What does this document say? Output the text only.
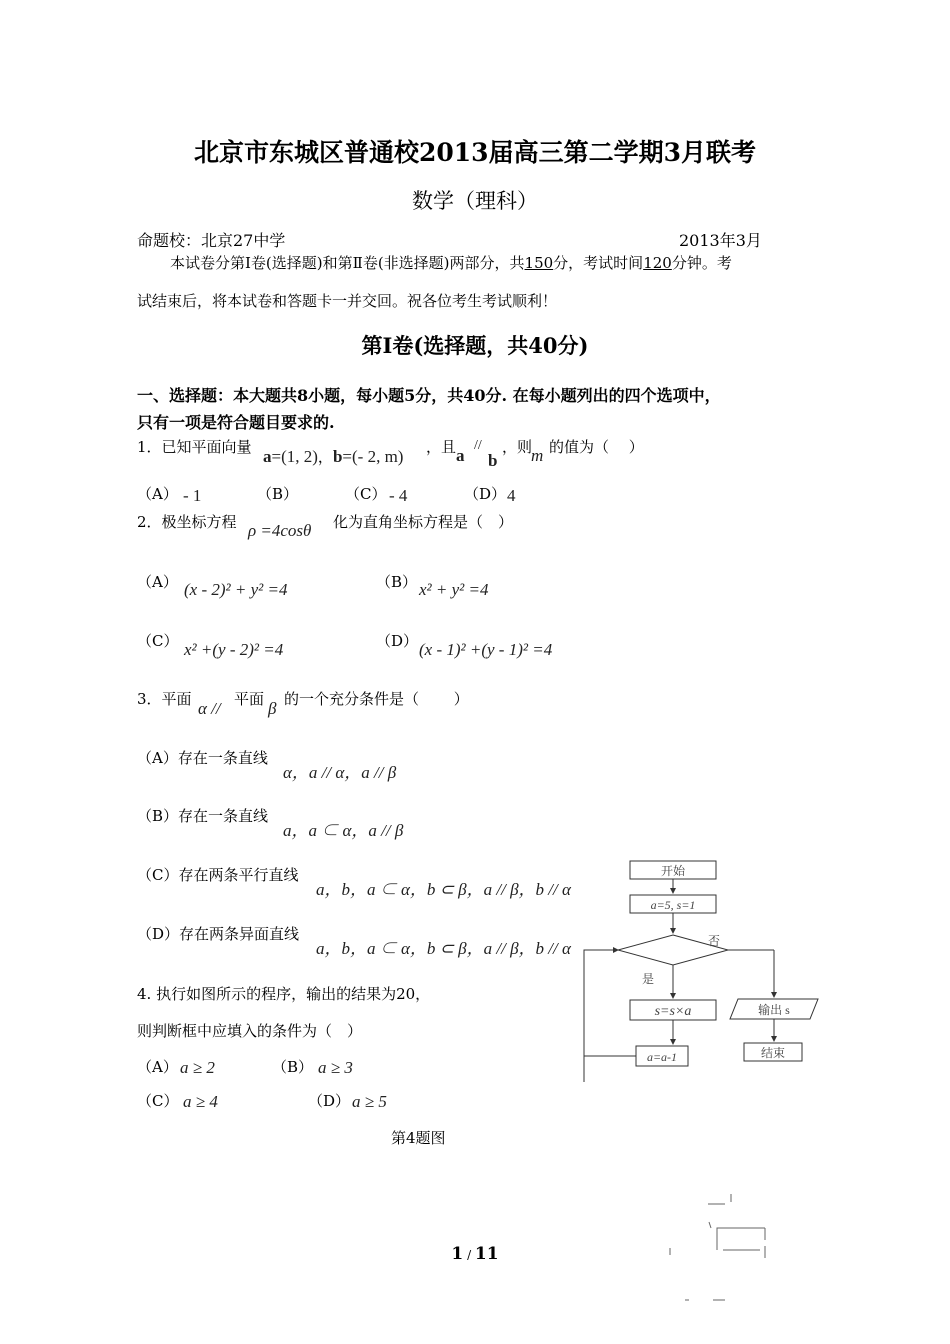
北京市东城区普通校2013届高三第二学期3月联考
数学（理科）
命题校：北京27中学	2013年3月
本试卷分第Ⅰ卷(选择题)和第Ⅱ卷(非选择题)两部分，共150分，考试时间120分钟。考
试结束后，将本试卷和答题卡一并交回。祝各位考生考试顺利！
第Ⅰ卷(选择题，共40分)
一、选择题：本大题共8小题，每小题5分，共40分. 在每小题列出的四个选项中，
只有一项是符合题目要求的.
1．已知平面向量 a=(1, 2)，b=(- 2, m) ，且 a
//
b
，则
m 的值为（　 ）
（A） - 1	（B）	（C） - 4	（D） 4
2．极坐标方程 ρ =4cosθ 化为直角坐标方程是（　）
（A） (x - 2)² + y² =4	（B） x² + y² =4
（C） x² +(y - 2)² =4	（D） (x - 1)² +(y - 1)² =4
3．平面 α // 平面 β 的一个充分条件是（　　 ）
（A）存在一条直线
α，a // α，a // β
（B）存在一条直线
a，a ⊂ α，a // β
（C）存在两条平行直线
a，b，a ⊂ α，b ⊂ β，a // β，b // α
（D）存在两条异面直线
a，b，a ⊂ α，b ⊂ β，a // β，b // α
4. 执行如图所示的程序，输出的结果为20，
则判断框中应填入的条件为（　）
（A） a ≥ 2	（B） a ≥ 3
（C） a ≥ 4	（D） a ≥ 5
第4题图
开始
a=5, s=1
否
是
s=s×a	输出 s
结束
a=a-1
1 / 11
